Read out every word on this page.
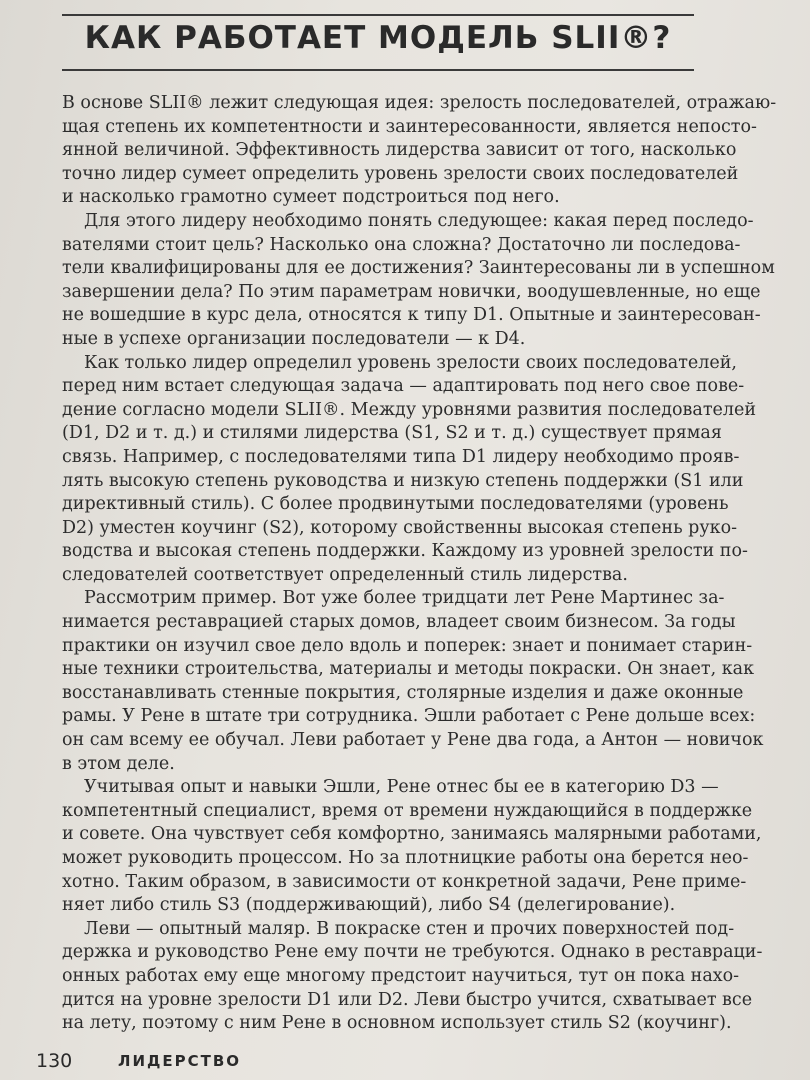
КАК РАБОТАЕТ МОДЕЛЬ SLII®?
В основе SLII® лежит следующая идея: зрелость последователей, отражаю-
щая степень их компетентности и заинтересованности, является непосто-
янной величиной. Эффективность лидерства зависит от того, насколько
точно лидер сумеет определить уровень зрелости своих последователей
и насколько грамотно сумеет подстроиться под него.
Для этого лидеру необходимо понять следующее: какая перед последо-
вателями стоит цель? Насколько она сложна? Достаточно ли последова-
тели квалифицированы для ее достижения? Заинтересованы ли в успешном
завершении дела? По этим параметрам новички, воодушевленные, но еще
не вошедшие в курс дела, относятся к типу D1. Опытные и заинтересован-
ные в успехе организации последователи — к D4.
Как только лидер определил уровень зрелости своих последователей,
перед ним встает следующая задача — адаптировать под него свое пове-
дение согласно модели SLII®. Между уровнями развития последователей
(D1, D2 и т. д.) и стилями лидерства (S1, S2 и т. д.) существует прямая
связь. Например, с последователями типа D1 лидеру необходимо прояв-
лять высокую степень руководства и низкую степень поддержки (S1 или
директивный стиль). С более продвинутыми последователями (уровень
D2) уместен коучинг (S2), которому свойственны высокая степень руко-
водства и высокая степень поддержки. Каждому из уровней зрелости по-
следователей соответствует определенный стиль лидерства.
Рассмотрим пример. Вот уже более тридцати лет Рене Мартинес за-
нимается реставрацией старых домов, владеет своим бизнесом. За годы
практики он изучил свое дело вдоль и поперек: знает и понимает старин-
ные техники строительства, материалы и методы покраски. Он знает, как
восстанавливать стенные покрытия, столярные изделия и даже оконные
рамы. У Рене в штате три сотрудника. Эшли работает с Рене дольше всех:
он сам всему ее обучал. Леви работает у Рене два года, а Антон — новичок
в этом деле.
Учитывая опыт и навыки Эшли, Рене отнес бы ее в категорию D3 —
компетентный специалист, время от времени нуждающийся в поддержке
и совете. Она чувствует себя комфортно, занимаясь малярными работами,
может руководить процессом. Но за плотницкие работы она берется нео-
хотно. Таким образом, в зависимости от конкретной задачи, Рене приме-
няет либо стиль S3 (поддерживающий), либо S4 (делегирование).
Леви — опытный маляр. В покраске стен и прочих поверхностей под-
держка и руководство Рене ему почти не требуются. Однако в реставраци-
онных работах ему еще многому предстоит научиться, тут он пока нахо-
дится на уровне зрелости D1 или D2. Леви быстро учится, схватывает все
на лету, поэтому с ним Рене в основном использует стиль S2 (коучинг).
130	ЛИДЕРСТВО
